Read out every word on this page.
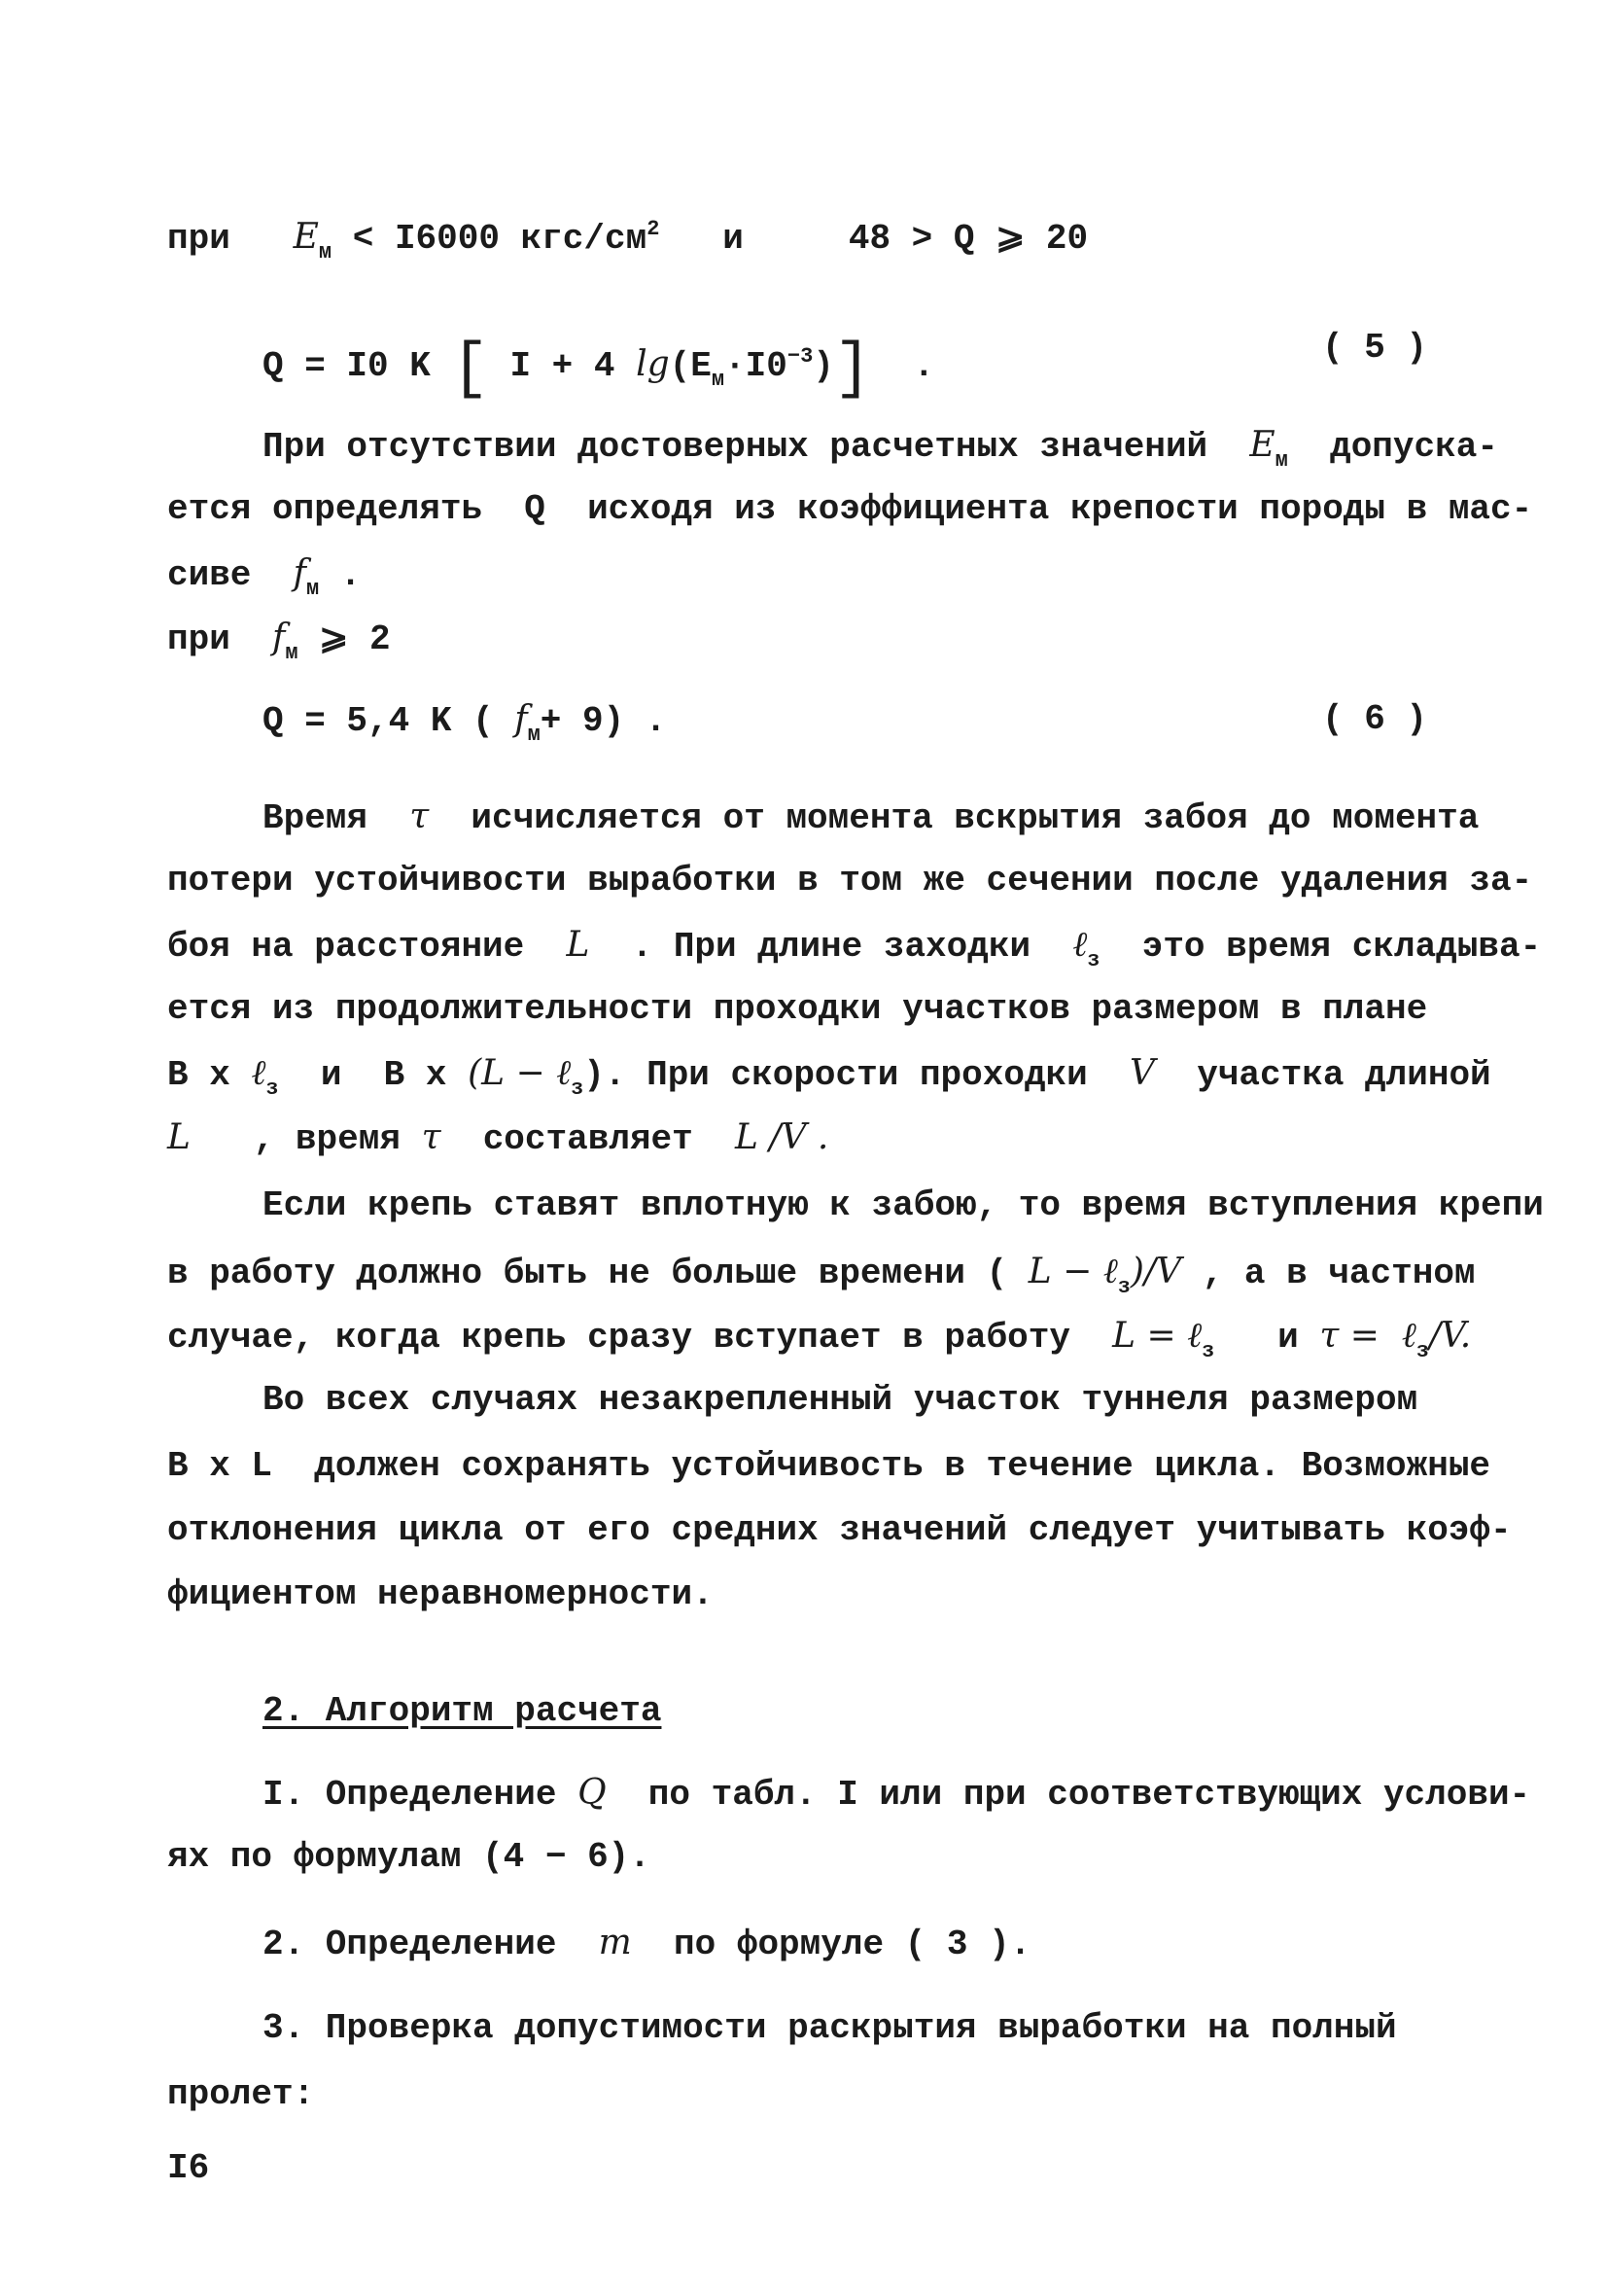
при $E_м < I6000$ кгс/$см^2$ и	48 > Q ⩾ 20
Q = I0 K [ I + 4 $\lg(E_м\cdot I0^{-3})$] .	( 5 )
При отсутствии достоверных расчетных значений $E_м$ допуска-
ется определять  Q  исходя из коэффициента крепости породы в мас-
сиве $f_м$ .
при $f_м$ ⩾ 2
Q = 5,4 K ( $f_м+ 9$) .	( 6 )
Время τ исчисляется от момента вскрытия забоя до момента
потери устойчивости выработки в том же сечении после удаления за-
боя на расстояние L . При длине заходки ℓ$_з$ это время складыва-
ется из продолжительности проходки участков размером в плане
B x ℓ$_з$ и  B x (L − ℓ$_з$). При скорости проходки V участка длиной
L , время τ составляет L /V .
Если крепь ставят вплотную к забою, то время вступления крепи
в работу должно быть не больше времени ( L − ℓ$_з$)/V , а в частном
случае, когда крепь сразу вступает в работу L = ℓ$_з$ и τ =  ℓ$_з$/V.
Во всех случаях незакрепленный участок туннеля размером
B x L  должен сохранять устойчивость в течение цикла. Возможные
отклонения цикла от его средних значений следует учитывать коэф-
фициентом неравномерности.
2. Алгоритм расчета
I. Определение Q по табл. I или при соответствующих услови-
ях по формулам (4 − 6).
2. Определение m по формуле ( 3 ).
3. Проверка допустимости раскрытия выработки на полный
пролет:
I6
